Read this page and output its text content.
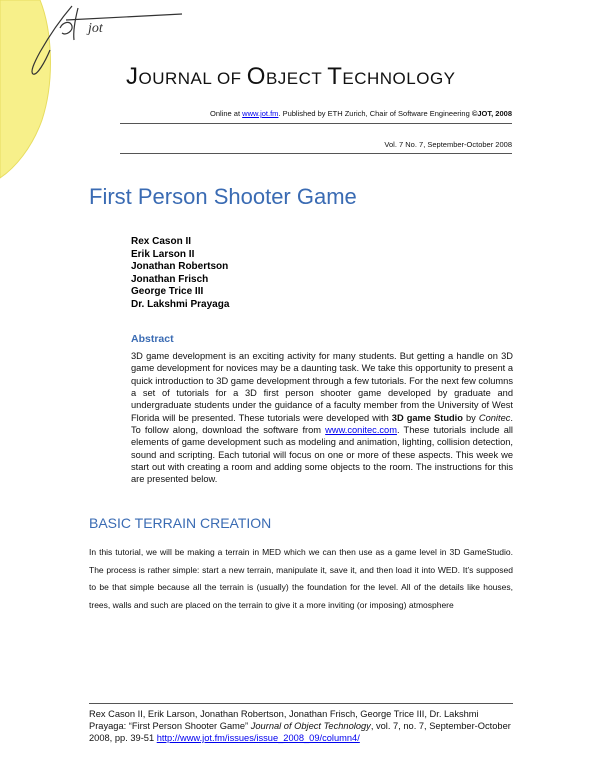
jot
JOURNAL OF OBJECT TECHNOLOGY
Online at www.jot.fm. Published by ETH Zurich, Chair of Software Engineering ©JOT, 2008
Vol. 7 No. 7, September-October 2008
First Person Shooter Game
Rex Cason II
Erik Larson II
Jonathan Robertson
Jonathan Frisch
George Trice III
Dr. Lakshmi Prayaga
Abstract
3D game development is an exciting activity for many students. But getting a handle on 3D game development for novices may be a daunting task. We take this opportunity to present a quick introduction to 3D game development through a few tutorials. For the next few columns a set of tutorials for a 3D first person shooter game developed by graduate and undergraduate students under the guidance of a faculty member from the University of West Florida will be presented. These tutorials were developed with 3D game Studio by Conitec. To follow along, download the software from www.conitec.com. These tutorials include all elements of game development such as modeling and animation, lighting, collision detection, sound and scripting. Each tutorial will focus on one or more of these aspects. This week we start out with creating a room and adding some objects to the room. The instructions for this are presented below.
BASIC TERRAIN CREATION
In this tutorial, we will be making a terrain in MED which we can then use as a game level in 3D GameStudio. The process is rather simple: start a new terrain, manipulate it, save it, and then load it into WED. It’s supposed to be that simple because all the terrain is (usually) the foundation for the level. All of the details like houses, trees, walls and such are placed on the terrain to give it a more inviting (or imposing) atmosphere
Rex Cason II, Erik Larson, Jonathan Robertson, Jonathan Frisch, George Trice III, Dr. Lakshmi Prayaga: “First Person Shooter Game” Journal of Object Technology, vol. 7, no. 7, September-October 2008, pp. 39-51 http://www.jot.fm/issues/issue_2008_09/column4/
